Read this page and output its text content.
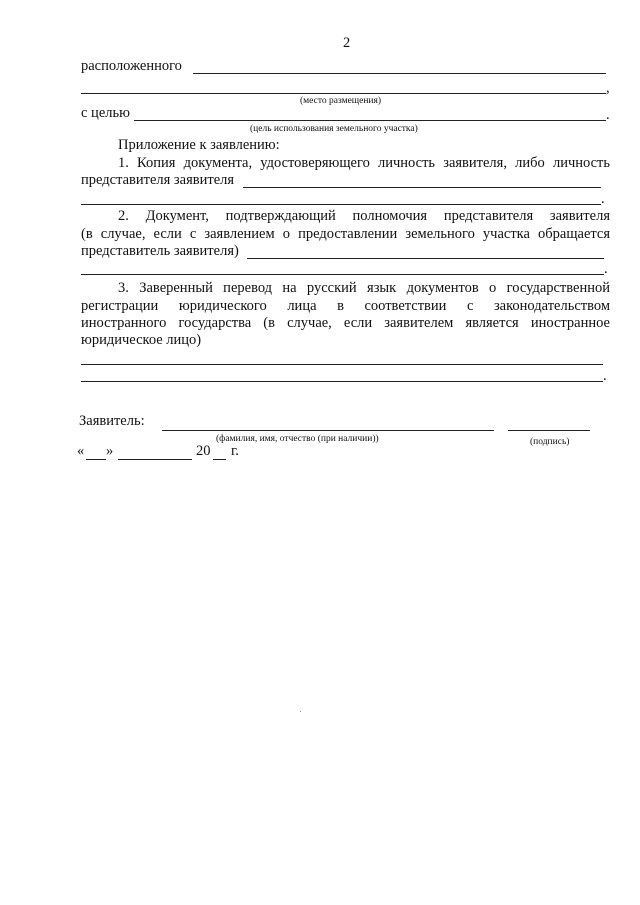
2
расположенного
,
(место размещения)
с целью	.
(цель использования земельного участка)
Приложение к заявлению:
1. Копия документа, удостоверяющего личность заявителя, либо личность
представителя заявителя
.
2. Документ, подтверждающий полномочия представителя заявителя
(в случае, если с заявлением о предоставлении земельного участка обращается
представитель заявителя)
.
3. Заверенный перевод на русский язык документов о государственной
регистрации юридического лица в соответствии с законодательством
иностранного государства (в случае, если заявителем является иностранное
юридическое лицо)
.
Заявитель:
(фамилия, имя, отчество (при наличии))	(подпись)
« »	20 г.
